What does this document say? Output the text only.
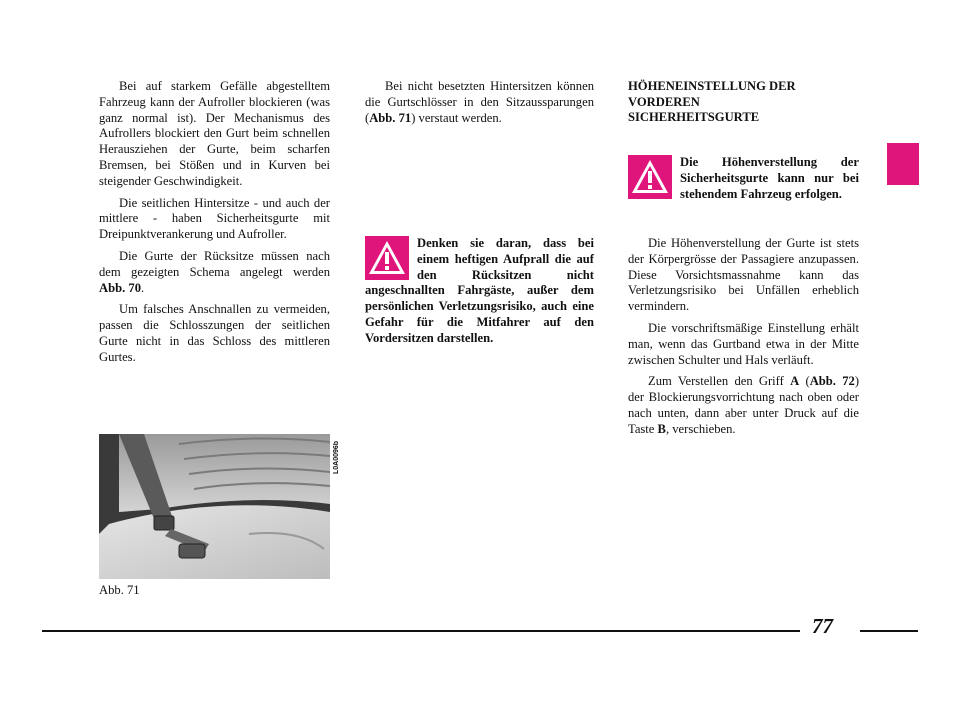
Bei auf starkem Gefälle abgestelltem Fahrzeug kann der Aufroller blockieren (was ganz normal ist). Der Mechanismus des Aufrollers blockiert den Gurt beim schnellen Herausziehen der Gurte, beim scharfen Bremsen, bei Stößen und in Kurven bei steigender Geschwindigkeit.

Die seitlichen Hintersitze - und auch der mittlere - haben Sicherheitsgurte mit Dreipunktverankerung und Aufroller.

Die Gurte der Rücksitze müssen nach dem gezeigten Schema angelegt werden Abb. 70.

Um falsches Anschnallen zu vermeiden, passen die Schlosszungen der seitlichen Gurte nicht in das Schloss des mittleren Gurtes.

L0A0096b
Abb. 71

Bei nicht besetzten Hintersitzen können die Gurtschlösser in den Sitzaussparungen (Abb. 71) verstaut werden.

Denken sie daran, dass bei einem heftigen Aufprall die auf den Rücksitzen nicht angeschnallten Fahrgäste, außer dem persönlichen Verletzungsrisiko, auch eine Gefahr für die Mitfahrer auf den Vordersitzen darstellen.
HÖHENEINSTELLUNG DER VORDEREN SICHERHEITSGURTE
Die Höhenverstellung der Sicherheitsgurte kann nur bei stehendem Fahrzeug erfolgen.

Die Höhenverstellung der Gurte ist stets der Körpergrösse der Passagiere anzupassen. Diese Vorsichtsmassnahme kann das Verletzungsrisiko bei Unfällen erheblich vermindern.

Die vorschriftsmäßige Einstellung erhält man, wenn das Gurtband etwa in der Mitte zwischen Schulter und Hals verläuft.

Zum Verstellen den Griff A (Abb. 72) der Blockierungsvorrichtung nach oben oder nach unten, dann aber unter Druck auf die Taste B, verschieben.

77
